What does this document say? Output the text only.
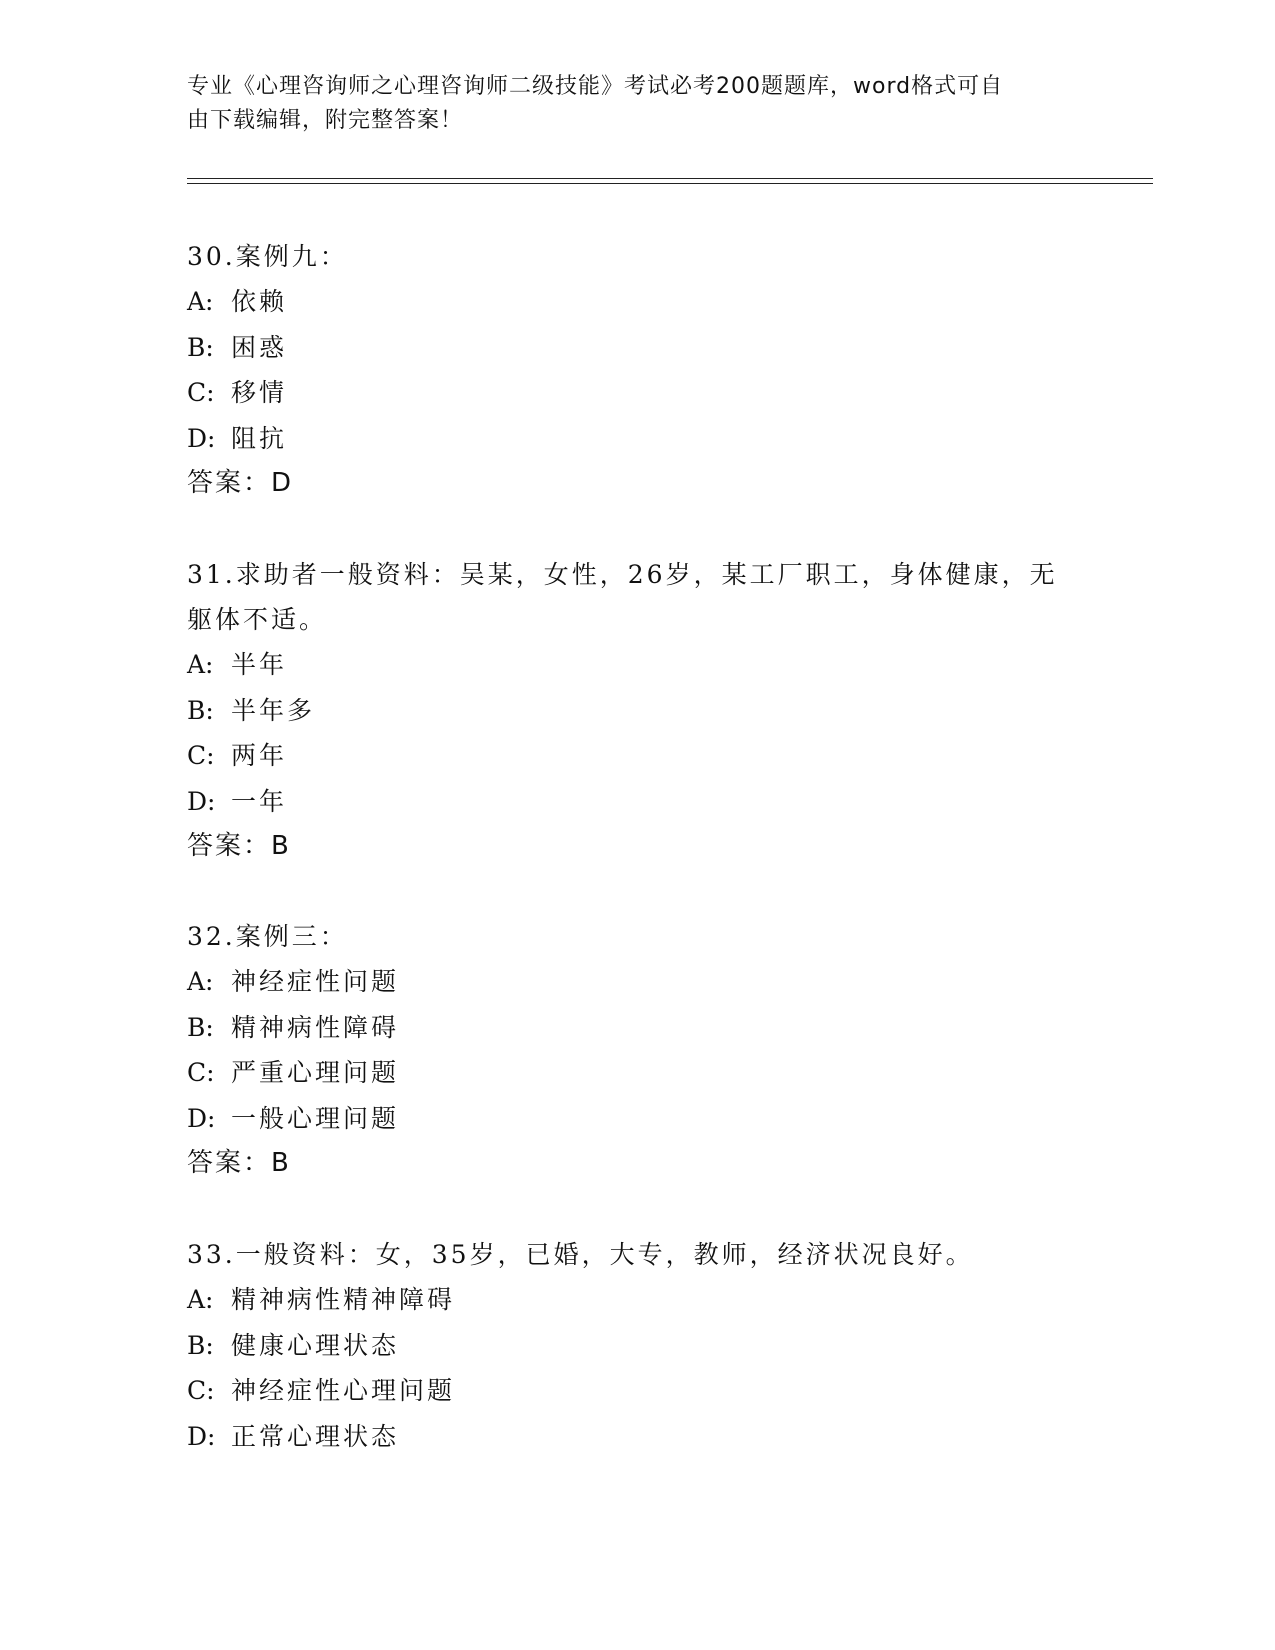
专业《心理咨询师之心理咨询师二级技能》考试必考200题题库，word格式可自
由下载编辑，附完整答案！
30.案例九：
A: 依赖
B: 困惑
C: 移情
D: 阻抗
答案：D
31.求助者一般资料：吴某，女性，26岁，某工厂职工，身体健康，无
躯体不适。
A: 半年
B: 半年多
C: 两年
D: 一年
答案：B
32.案例三：
A: 神经症性问题
B: 精神病性障碍
C: 严重心理问题
D: 一般心理问题
答案：B
33.一般资料：女，35岁，已婚，大专，教师，经济状况良好。
A: 精神病性精神障碍
B: 健康心理状态
C: 神经症性心理问题
D: 正常心理状态
